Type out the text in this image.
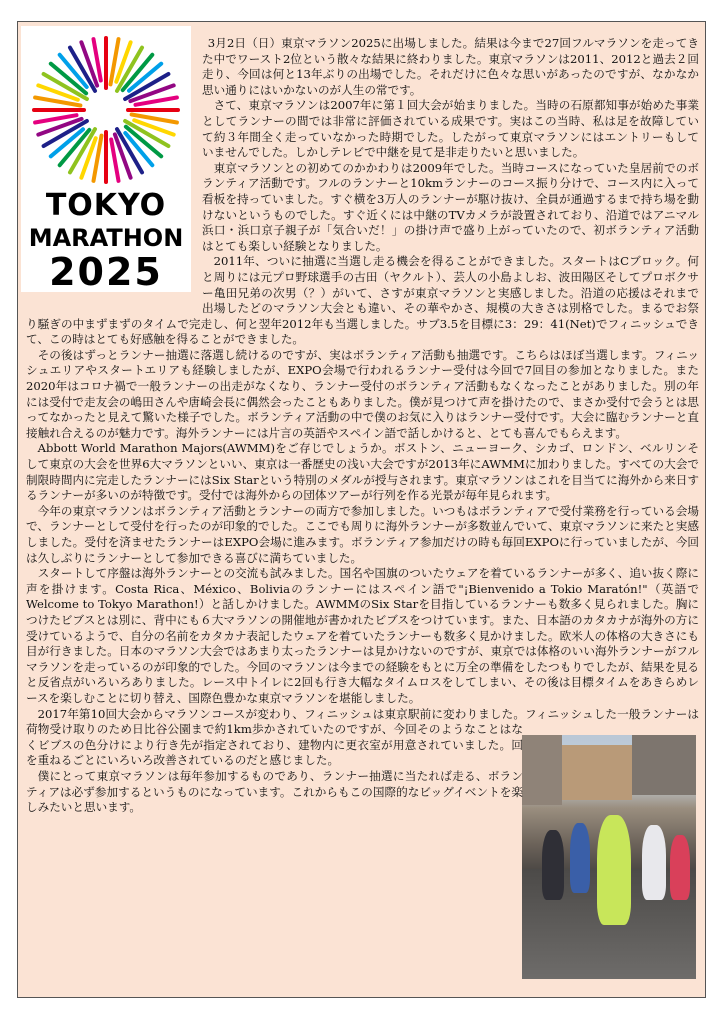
TOKYO
MARATHON
2025

3月2日（日）東京マラソン2025に出場しました。結果は今まで27回フルマラソンを走ってきた中でワースト2位という散々な結果に終わりました。東京マラソンは2011、2012と過去２回走り、今回は何と13年ぶりの出場でした。それだけに色々な思いがあったのですが、なかなか思い通りにはいかないのが人生の常です。

さて、東京マラソンは2007年に第１回大会が始まりました。当時の石原都知事が始めた事業としてランナーの間では非常に評価されている成果です。実はこの当時、私は足を故障していて約３年間全く走っていなかった時期でした。したがって東京マラソンにはエントリーもしていませんでした。しかしテレビで中継を見て是非走りたいと思いました。

東京マラソンとの初めてのかかわりは2009年でした。当時コースになっていた皇居前でのボランティア活動です。フルのランナーと10kmランナーのコース振り分けで、コース内に入って看板を持っていました。すぐ横を3万人のランナーが駆け抜け、全員が通過するまで持ち場を動けないというものでした。すぐ近くには中継のTVカメラが設置されており、沿道ではアニマル浜口・浜口京子親子が「気合いだ！」の掛け声で盛り上がっていたので、初ボランティア活動はとても楽しい経験となりました。

2011年、ついに抽選に当選し走る機会を得ることができました。スタートはCブロック。何と周りには元プロ野球選手の古田（ヤクルト）、芸人の小島よしお、波田陽区そしてプロボクサー亀田兄弟の次男（？）がいて、さすが東京マラソンと実感しました。沿道の応援はそれまで出場したどのマラソン大会とも違い、その華やかさ、規模の大きさは別格でした。まるでお祭り騒ぎの中まずまずのタイムで完走し、何と翌年2012年も当選しました。サブ3.5を目標に3：29：41(Net)でフィニッシュできて、この時はとても好感触を得ることができました。

その後はずっとランナー抽選に落選し続けるのですが、実はボランティア活動も抽選です。こちらはほぼ当選します。フィニッシュエリアやスタートエリアも経験しましたが、EXPO会場で行われるランナー受付は今回で7回目の参加となりました。また2020年はコロナ禍で一般ランナーの出走がなくなり、ランナー受付のボランティア活動もなくなったことがありました。別の年には受付で走友会の嶋田さんや唐崎会長に偶然会ったこともありました。僕が見つけて声を掛けたので、まさか受付で会うとは思ってなかったと見えて驚いた様子でした。ボランティア活動の中で僕のお気に入りはランナー受付です。大会に臨むランナーと直接触れ合えるのが魅力です。海外ランナーには片言の英語やスペイン語で話しかけると、とても喜んでもらえます。

Abbott World Marathon Majors(AWMM)をご存じでしょうか。ボストン、ニューヨーク、シカゴ、ロンドン、ベルリンそして東京の大会を世界6大マラソンといい、東京は一番歴史の浅い大会ですが2013年にAWMMに加わりました。すべての大会で制限時間内に完走したランナーにはSix Starという特別のメダルが授与されます。東京マラソンはこれを目当てに海外から来日するランナーが多いのが特徴です。受付では海外からの団体ツアーが行列を作る光景が毎年見られます。

今年の東京マラソンはボランティア活動とランナーの両方で参加しました。いつもはボランティアで受付業務を行っている会場で、ランナーとして受付を行ったのが印象的でした。ここでも周りに海外ランナーが多数並んでいて、東京マラソンに来たと実感しました。受付を済ませたランナーはEXPO会場に進みます。ボランティア参加だけの時も毎回EXPOに行っていましたが、今回は久しぶりにランナーとして参加できる喜びに満ちていました。

スタートして序盤は海外ランナーとの交流も試みました。国名や国旗のついたウェアを着ているランナーが多く、追い抜く際に声を掛けます。Costa Rica、México、Boliviaのランナーにはスペイン語で"¡Bienvenido a Tokio Maratón!"（英語でWelcome to Tokyo Marathon!）と話しかけました。AWMMのSix Starを目指しているランナーも数多く見られました。胸につけたビブスとは別に、背中にも６大マラソンの開催地が書かれたビブスをつけています。また、日本語のカタカナが海外の方に受けているようで、自分の名前をカタカナ表記したウェアを着ていたランナーも数多く見かけました。欧米人の体格の大きさにも目が行きました。日本のマラソン大会ではあまり太ったランナーは見かけないのですが、東京では体格のいい海外ランナーがフルマラソンを走っているのが印象的でした。今回のマラソンは今までの経験をもとに万全の準備をしたつもりでしたが、結果を見ると反省点がいろいろありました。レース中トイレに2回も行き大幅なタイムロスをしてしまい、その後は目標タイムをあきらめレースを楽しむことに切り替え、国際色豊かな東京マラソンを堪能しました。

2017年第10回大会からマラソンコースが変わり、フィニッシュは東京駅前に変わりました。フィニッシュした一般ランナーは荷物受け取りのため日比谷公園まで約1km歩かされていたのですが、今回そのようなことはなくビブスの色分けにより行き先が指定されており、建物内に更衣室が用意されていました。回を重ねるごとにいろいろ改善されているのだと感じました。

僕にとって東京マラソンは毎年参加するものであり、ランナー抽選に当たれば走る、ボランティアは必ず参加するというものになっています。これからもこの国際的なビッグイベントを楽しみたいと思います。
